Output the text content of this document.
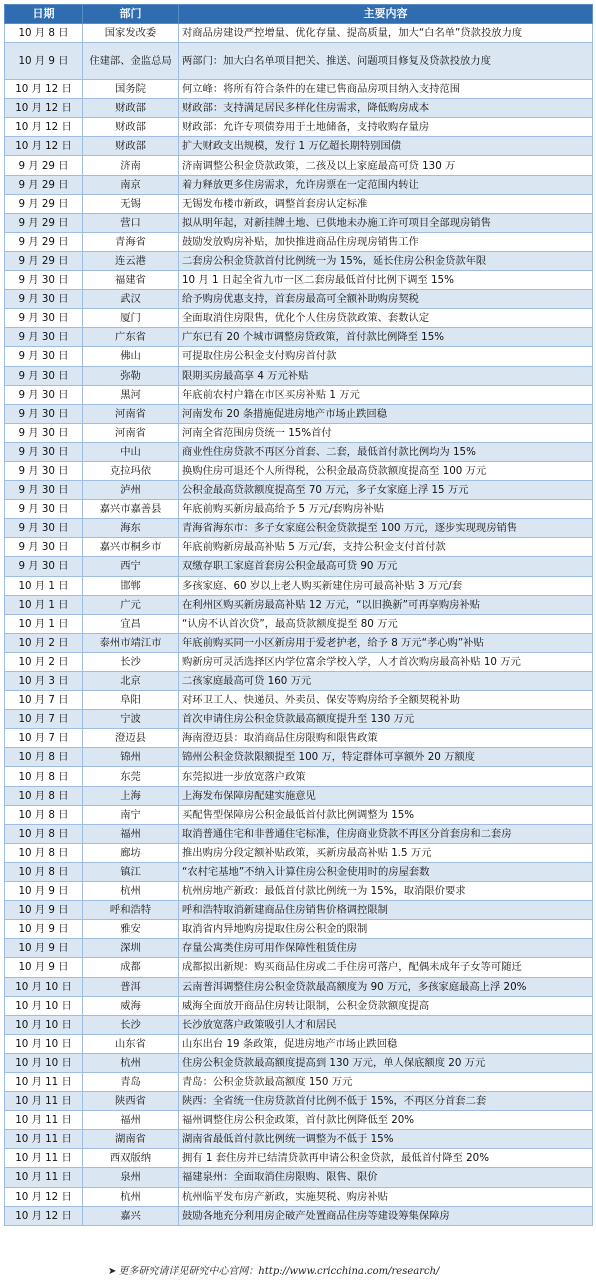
日期	部门	主要内容
10 月 8 日	国家发改委	对商品房建设严控增量、优化存量、提高质量，加大“白名单”贷款投放力度
10 月 9 日	住建部、金监总局	两部门：加大白名单项目把关、推送、问题项目修复及贷款投放力度
10 月 12 日	国务院	何立峰：将所有符合条件的在建已售商品房项目纳入支持范围
10 月 12 日	财政部	财政部：支持满足居民多样化住房需求，降低购房成本
10 月 12 日	财政部	财政部：允许专项债券用于土地储备，支持收购存量房
10 月 12 日	财政部	扩大财政支出规模，发行 1 万亿超长期特别国债
9 月 29 日	济南	济南调整公积金贷款政策，二孩及以上家庭最高可贷 130 万
9 月 29 日	南京	着力释放更多住房需求，允许房票在一定范围内转让
9 月 29 日	无锡	无锡发布楼市新政，调整首套房认定标准
9 月 29 日	营口	拟从明年起，对新挂牌土地、已供地未办施工许可项目全部现房销售
9 月 29 日	青海省	鼓励发放购房补贴，加快推进商品住房现房销售工作
9 月 29 日	连云港	二套房公积金贷款首付比例统一为 15%，延长住房公积金贷款年限
9 月 30 日	福建省	10 月 1 日起全省九市一区二套房最低首付比例下调至 15%
9 月 30 日	武汉	给予购房优惠支持，首套房最高可全额补助购房契税
9 月 30 日	厦门	全面取消住房限售，优化个人住房贷款政策、套数认定
9 月 30 日	广东省	广东已有 20 个城市调整房贷政策，首付款比例降至 15%
9 月 30 日	佛山	可提取住房公积金支付购房首付款
9 月 30 日	弥勒	限期买房最高享 4 万元补贴
9 月 30 日	黑河	年底前农村户籍在市区买房补贴 1 万元
9 月 30 日	河南省	河南发布 20 条措施促进房地产市场止跌回稳
9 月 30 日	河南省	河南全省范围房贷统一 15%首付
9 月 30 日	中山	商业性住房贷款不再区分首套、二套，最低首付款比例均为 15%
9 月 30 日	克拉玛依	换购住房可退还个人所得税，公积金最高贷款额度提高至 100 万元
9 月 30 日	泸州	公积金最高贷款额度提高至 70 万元，多子女家庭上浮 15 万元
9 月 30 日	嘉兴市嘉善县	年底前购买新房最高给予 5 万元/套购房补贴
9 月 30 日	海东	青海省海东市：多子女家庭公积金贷款提至 100 万元，逐步实现现房销售
9 月 30 日	嘉兴市桐乡市	年底前购新房最高补贴 5 万元/套，支持公积金支付首付款
9 月 30 日	西宁	双缴存职工家庭首套房公积金最高可贷 90 万元
10 月 1 日	邯郸	多孩家庭、60 岁以上老人购买新建住房可最高补贴 3 万元/套
10 月 1 日	广元	在利州区购买新房最高补贴 12 万元，“以旧换新”可再享购房补贴
10 月 1 日	宜昌	“认房不认首次贷”，最高贷款额度提至 80 万元
10 月 2 日	泰州市靖江市	年底前购买同一小区新房用于爱老护老，给予 8 万元“孝心购”补贴
10 月 2 日	长沙	购新房可灵活选择区内学位富余学校入学，人才首次购房最高补贴 10 万元
10 月 3 日	北京	二孩家庭最高可贷 160 万元
10 月 7 日	阜阳	对环卫工人、快递员、外卖员、保安等购房给予全额契税补助
10 月 7 日	宁波	首次申请住房公积金贷款最高额度提升至 130 万元
10 月 7 日	澄迈县	海南澄迈县：取消商品住房限购和限售政策
10 月 8 日	锦州	锦州公积金贷款限额提至 100 万，特定群体可享额外 20 万额度
10 月 8 日	东莞	东莞拟进一步放宽落户政策
10 月 8 日	上海	上海发布保障房配建实施意见
10 月 8 日	南宁	买配售型保障房公积金最低首付款比例调整为 15%
10 月 8 日	福州	取消普通住宅和非普通住宅标准，住房商业贷款不再区分首套房和二套房
10 月 8 日	廊坊	推出购房分段定额补贴政策，买新房最高补贴 1.5 万元
10 月 8 日	镇江	“农村宅基地”不纳入计算住房公积金使用时的房屋套数
10 月 9 日	杭州	杭州房地产新政：最低首付款比例统一为 15%，取消限价要求
10 月 9 日	呼和浩特	呼和浩特取消新建商品住房销售价格调控限制
10 月 9 日	雅安	取消省内异地购房提取住房公积金的限制
10 月 9 日	深圳	存量公寓类住房可用作保障性租赁住房
10 月 9 日	成都	成都拟出新规：购买商品住房或二手住房可落户，配偶未成年子女等可随迁
10 月 10 日	普洱	云南普洱调整住房公积金贷款最高额度为 90 万元，多孩家庭最高上浮 20%
10 月 10 日	威海	威海全面放开商品住房转让限制，公积金贷款额度提高
10 月 10 日	长沙	长沙放宽落户政策吸引人才和居民
10 月 10 日	山东省	山东出台 19 条政策，促进房地产市场止跌回稳
10 月 10 日	杭州	住房公积金贷款最高额度提高到 130 万元，单人保底额度 20 万元
10 月 11 日	青岛	青岛：公积金贷款最高额度 150 万元
10 月 11 日	陕西省	陕西：全省统一住房贷款首付比例不低于 15%，不再区分首套二套
10 月 11 日	福州	福州调整住房公积金政策，首付款比例降低至 20%
10 月 11 日	湖南省	湖南省最低首付款比例统一调整为不低于 15%
10 月 11 日	西双版纳	拥有 1 套住房并已结清贷款再申请公积金贷款，最低首付降至 20%
10 月 11 日	泉州	福建泉州：全面取消住房限购、限售、限价
10 月 12 日	杭州	杭州临平发布房产新政，实施契税、购房补贴
10 月 12 日	嘉兴	鼓励各地充分利用房企破产处置商品住房等建设筹集保障房
➤ 更多研究请详见研究中心官网：http://www.cricchina.com/research/
